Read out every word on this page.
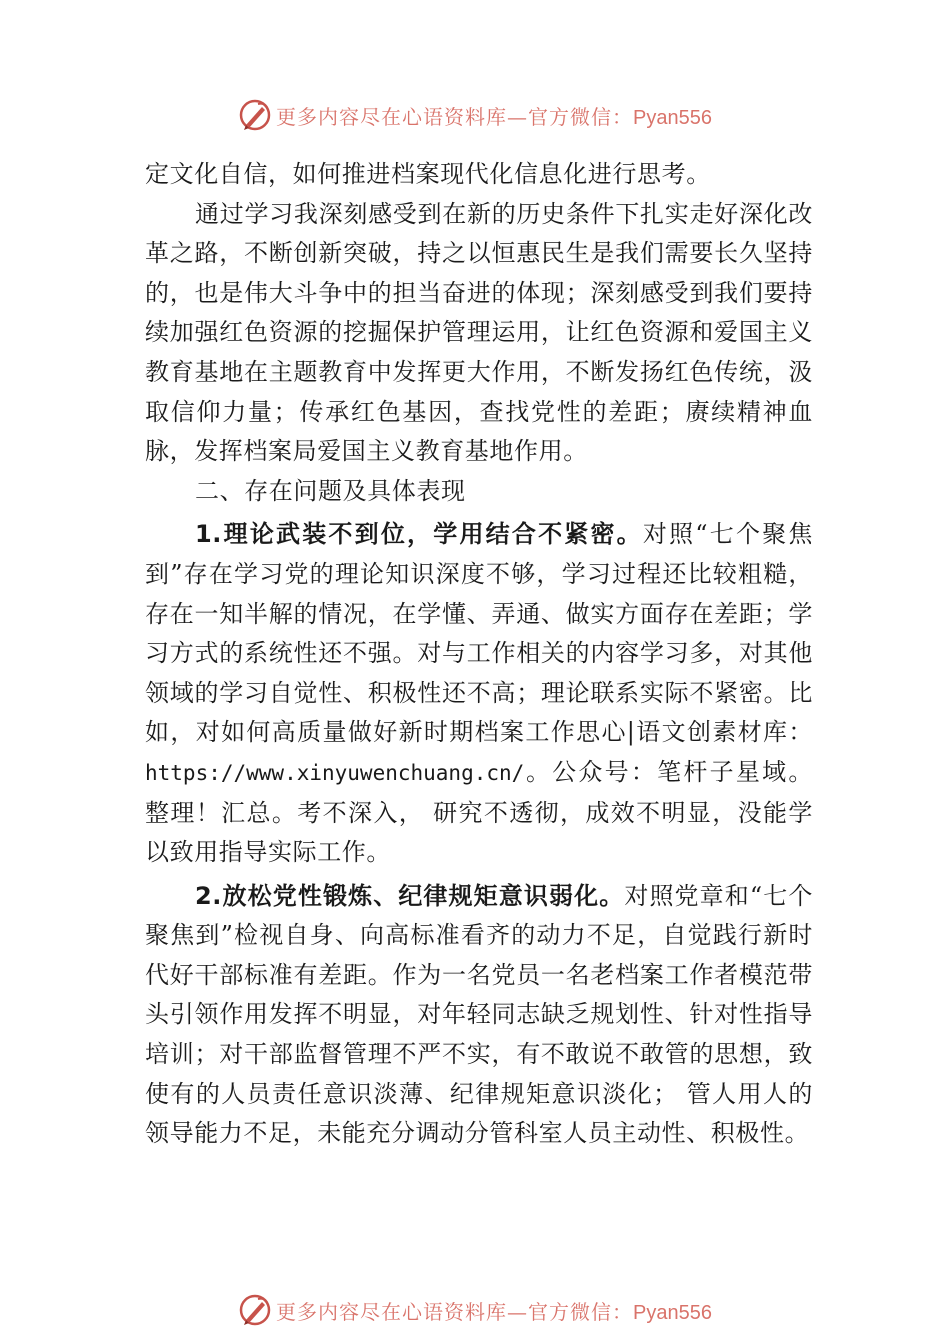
更多内容尽在心语资料库—官方微信：Pyan556

定文化自信，如何推进档案现代化信息化进行思考。

通过学习我深刻感受到在新的历史条件下扎实走好深化改革之路，不断创新突破，持之以恒惠民生是我们需要长久坚持的，也是伟大斗争中的担当奋进的体现；深刻感受到我们要持续加强红色资源的挖掘保护管理运用，让红色资源和爱国主义教育基地在主题教育中发挥更大作用，不断发扬红色传统，汲取信仰力量；传承红色基因，查找党性的差距；赓续精神血脉，发挥档案局爱国主义教育基地作用。

二、存在问题及具体表现

1.理论武装不到位，学用结合不紧密。对照“七个聚焦到”存在学习党的理论知识深度不够，学习过程还比较粗糙，存在一知半解的情况，在学懂、弄通、做实方面存在差距；学习方式的系统性还不强。对与工作相关的内容学习多，对其他领域的学习自觉性、积极性还不高；理论联系实际不紧密。比如，对如何高质量做好新时期档案工作思心|语文创素材库：https://www.xinyuwenchuang.cn/。公众号：笔杆子星域。整理！汇总。考不深入， 研究不透彻，成效不明显，没能学以致用指导实际工作。

2.放松党性锻炼、纪律规矩意识弱化。对照党章和“七个聚焦到”检视自身、向高标准看齐的动力不足，自觉践行新时代好干部标准有差距。作为一名党员一名老档案工作者模范带头引领作用发挥不明显，对年轻同志缺乏规划性、针对性指导培训；对干部监督管理不严不实，有不敢说不敢管的思想，致使有的人员责任意识淡薄、纪律规矩意识淡化； 管人用人的领导能力不足，未能充分调动分管科室人员主动性、积极性。

更多内容尽在心语资料库—官方微信：Pyan556
